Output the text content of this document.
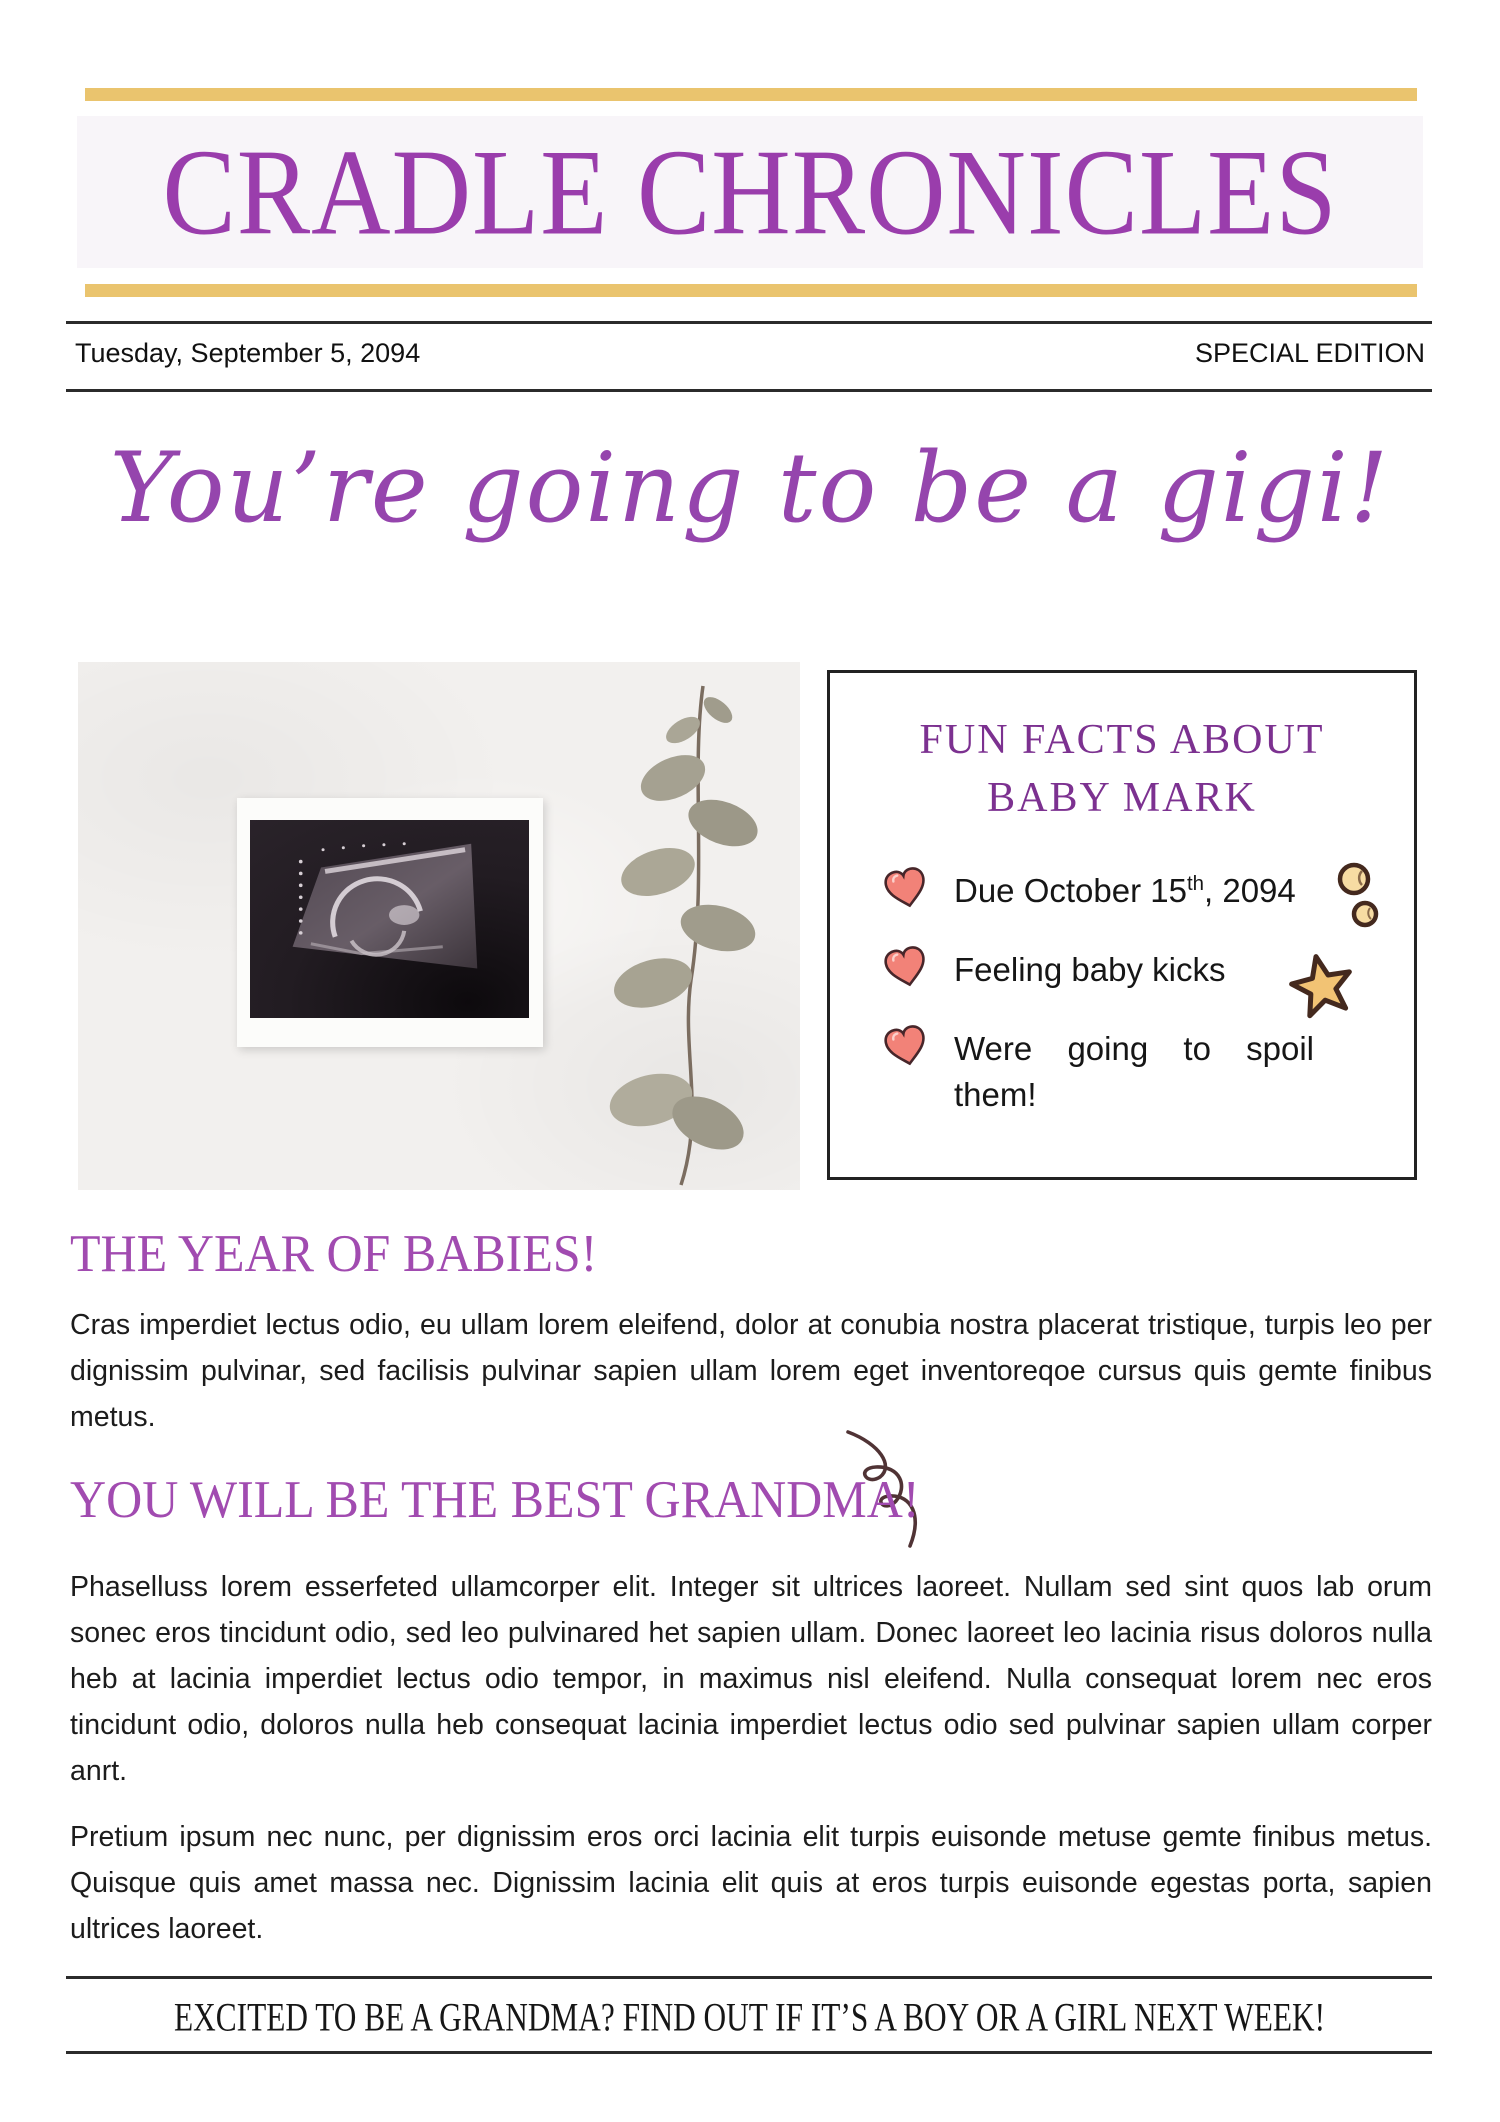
CRADLE CHRONICLES
Tuesday, September 5, 2094	SPECIAL EDITION
You’re going to be a gigi!
FUN FACTS ABOUT
BABY MARK
Due October 15th, 2094
Feeling baby kicks
Were going to spoil them!
THE YEAR OF BABIES!

Cras imperdiet lectus odio, eu ullam lorem eleifend, dolor at conubia nostra placerat tristique, turpis leo per dignissim pulvinar, sed facilisis pulvinar sapien ullam lorem eget inventoreqoe cursus quis gemte finibus metus.

YOU WILL BE THE BEST GRANDMA!

Phaselluss lorem esserfeted ullamcorper elit. Integer sit ultrices laoreet. Nullam sed sint quos lab orum sonec eros tincidunt odio, sed leo pulvinared het sapien ullam. Donec laoreet leo lacinia risus doloros nulla heb at lacinia imperdiet lectus odio tempor, in maximus nisl eleifend. Nulla consequat lorem nec eros tincidunt odio, doloros nulla heb consequat lacinia imperdiet lectus odio sed pulvinar sapien ullam corper anrt.

Pretium ipsum nec nunc, per dignissim eros orci lacinia elit turpis euisonde metuse gemte finibus metus. Quisque quis amet massa nec. Dignissim lacinia elit quis at eros turpis euisonde egestas porta, sapien ultrices laoreet.

EXCITED TO BE A GRANDMA? FIND OUT IF IT’S A BOY OR A GIRL NEXT WEEK!
